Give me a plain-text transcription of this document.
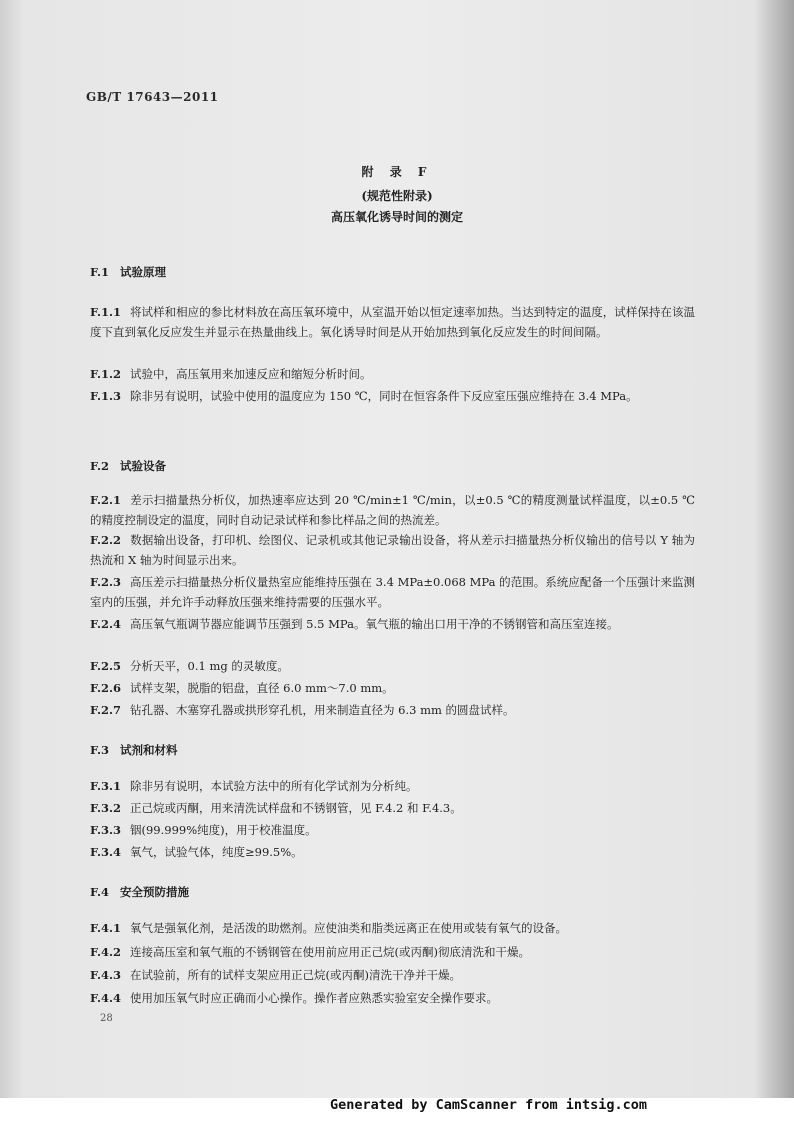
GB/T 17643—2011
附 录 F
(规范性附录)
高压氧化诱导时间的测定
F.1 试验原理
F.1.1 将试样和相应的参比材料放在高压氧环境中，从室温开始以恒定速率加热。当达到特定的温度，试样保持在该温度下直到氧化反应发生并显示在热量曲线上。氧化诱导时间是从开始加热到氧化反应发生的时间间隔。
F.1.2 试验中，高压氧用来加速反应和缩短分析时间。
F.1.3 除非另有说明，试验中使用的温度应为 150 ℃，同时在恒容条件下反应室压强应维持在 3.4 MPa。
F.2 试验设备
F.2.1 差示扫描量热分析仪，加热速率应达到 20 ℃/min±1 ℃/min，以±0.5 ℃的精度测量试样温度，以±0.5 ℃的精度控制设定的温度，同时自动记录试样和参比样品之间的热流差。
F.2.2 数据输出设备，打印机、绘图仪、记录机或其他记录输出设备，将从差示扫描量热分析仪输出的信号以 Y 轴为热流和 X 轴为时间显示出来。
F.2.3 高压差示扫描量热分析仪量热室应能维持压强在 3.4 MPa±0.068 MPa 的范围。系统应配备一个压强计来监测室内的压强，并允许手动释放压强来维持需要的压强水平。
F.2.4 高压氧气瓶调节器应能调节压强到 5.5 MPa。氧气瓶的输出口用干净的不锈钢管和高压室连接。
F.2.5 分析天平，0.1 mg 的灵敏度。
F.2.6 试样支架，脱脂的铝盘，直径 6.0 mm～7.0 mm。
F.2.7 钻孔器、木塞穿孔器或拱形穿孔机，用来制造直径为 6.3 mm 的圆盘试样。
F.3 试剂和材料
F.3.1 除非另有说明，本试验方法中的所有化学试剂为分析纯。
F.3.2 正己烷或丙酮，用来清洗试样盘和不锈钢管，见 F.4.2 和 F.4.3。
F.3.3 铟(99.999%纯度)，用于校准温度。
F.3.4 氧气，试验气体，纯度≥99.5%。
F.4 安全预防措施
F.4.1 氧气是强氧化剂，是活泼的助燃剂。应使油类和脂类远离正在使用或装有氧气的设备。
F.4.2 连接高压室和氧气瓶的不锈钢管在使用前应用正己烷(或丙酮)彻底清洗和干燥。
F.4.3 在试验前，所有的试样支架应用正己烷(或丙酮)清洗干净并干燥。
F.4.4 使用加压氧气时应正确而小心操作。操作者应熟悉实验室安全操作要求。
28
Generated by CamScanner from intsig.com
